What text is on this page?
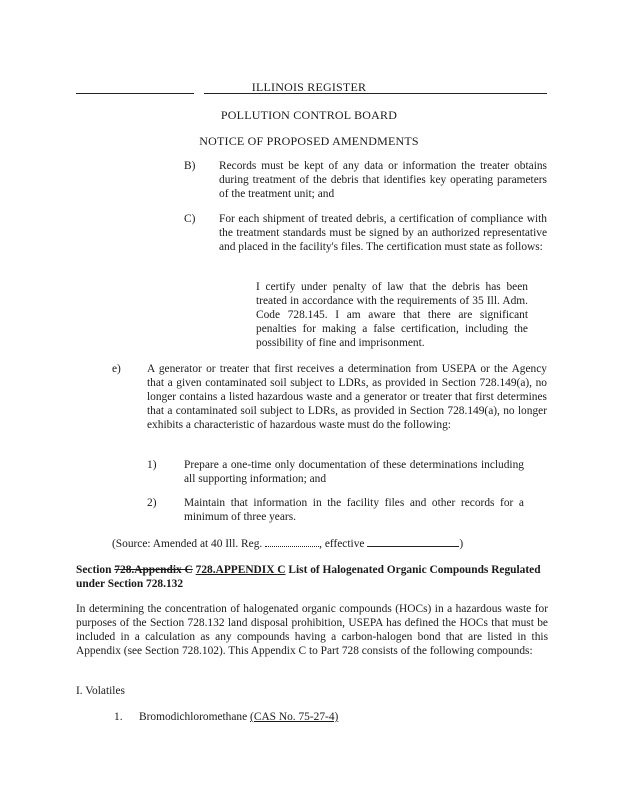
ILLINOIS REGISTER
POLLUTION CONTROL BOARD
NOTICE OF PROPOSED AMENDMENTS
B) Records must be kept of any data or information the treater obtains during treatment of the debris that identifies key operating parameters of the treatment unit; and
C) For each shipment of treated debris, a certification of compliance with the treatment standards must be signed by an authorized representative and placed in the facility's files. The certification must state as follows:
I certify under penalty of law that the debris has been treated in accordance with the requirements of 35 Ill. Adm. Code 728.145. I am aware that there are significant penalties for making a false certification, including the possibility of fine and imprisonment.
e) A generator or treater that first receives a determination from USEPA or the Agency that a given contaminated soil subject to LDRs, as provided in Section 728.149(a), no longer contains a listed hazardous waste and a generator or treater that first determines that a contaminated soil subject to LDRs, as provided in Section 728.149(a), no longer exhibits a characteristic of hazardous waste must do the following:
1) Prepare a one-time only documentation of these determinations including all supporting information; and
2) Maintain that information in the facility files and other records for a minimum of three years.
(Source: Amended at 40 Ill. Reg.	, effective	)
Section 728.Appendix C 728.APPENDIX C List of Halogenated Organic Compounds Regulated under Section 728.132
In determining the concentration of halogenated organic compounds (HOCs) in a hazardous waste for purposes of the Section 728.132 land disposal prohibition, USEPA has defined the HOCs that must be included in a calculation as any compounds having a carbon-halogen bond that are listed in this Appendix (see Section 728.102). This Appendix C to Part 728 consists of the following compounds:
I. Volatiles
1. Bromodichloromethane (CAS No. 75-27-4)
